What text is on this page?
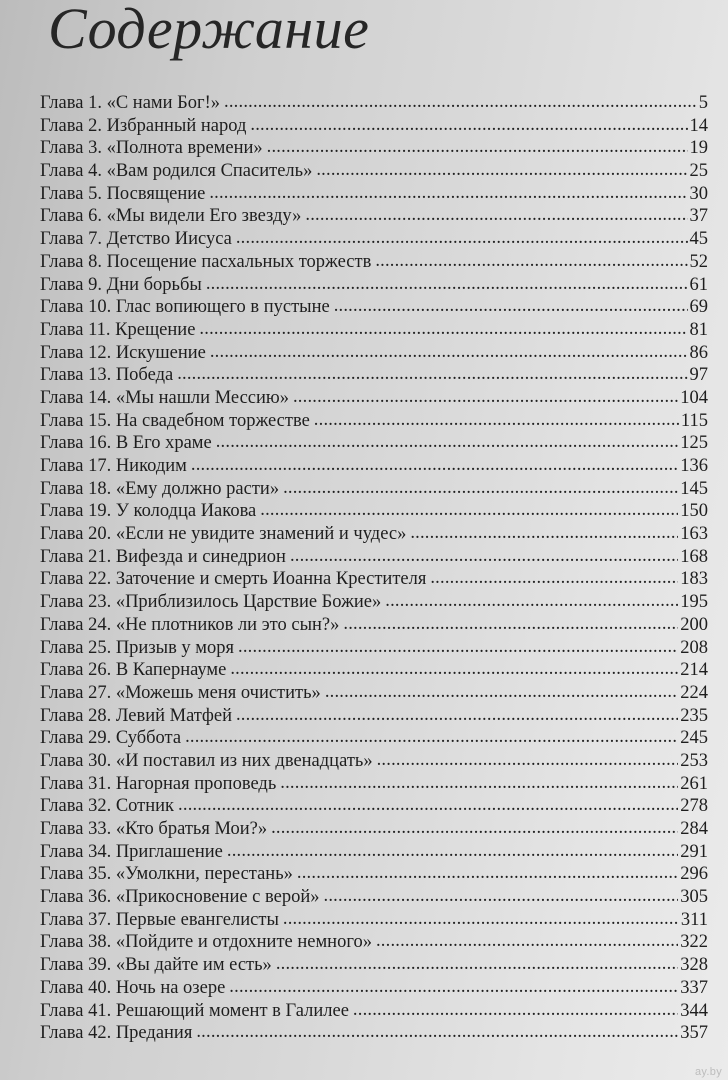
Содержание
Глава 1. «С нами Бог!» .....	5
Глава 2. Избранный народ .....	14
Глава 3. «Полнота времени» .....	19
Глава 4. «Вам родился Спаситель» .....	25
Глава 5. Посвящение .....	30
Глава 6. «Мы видели Его звезду» .....	37
Глава 7. Детство Иисуса .....	45
Глава 8. Посещение пасхальных торжеств .....	52
Глава 9. Дни борьбы .....	61
Глава 10. Глас вопиющего в пустыне .....	69
Глава 11. Крещение .....	81
Глава 12. Искушение .....	86
Глава 13. Победа .....	97
Глава 14. «Мы нашли Мессию» .....	104
Глава 15. На свадебном торжестве .....	115
Глава 16. В Его храме .....	125
Глава 17. Никодим .....	136
Глава 18. «Ему должно расти» .....	145
Глава 19. У колодца Иакова .....	150
Глава 20. «Если не увидите знамений и чудес» .....	163
Глава 21. Вифезда и синедрион .....	168
Глава 22. Заточение и смерть Иоанна Крестителя .....	183
Глава 23. «Приблизилось Царствие Божие» .....	195
Глава 24. «Не плотников ли это сын?» .....	200
Глава 25. Призыв у моря .....	208
Глава 26. В Капернауме .....	214
Глава 27. «Можешь меня очистить» .....	224
Глава 28. Левий Матфей .....	235
Глава 29. Суббота .....	245
Глава 30. «И поставил из них двенадцать» .....	253
Глава 31. Нагорная проповедь .....	261
Глава 32. Сотник .....	278
Глава 33. «Кто братья Мои?» .....	284
Глава 34. Приглашение .....	291
Глава 35. «Умолкни, перестань» .....	296
Глава 36. «Прикосновение с верой» .....	305
Глава 37. Первые евангелисты .....	311
Глава 38. «Пойдите и отдохните немного» .....	322
Глава 39. «Вы дайте им есть» .....	328
Глава 40. Ночь на озере .....	337
Глава 41. Решающий момент в Галилее .....	344
Глава 42. Предания .....	357
ay.by
